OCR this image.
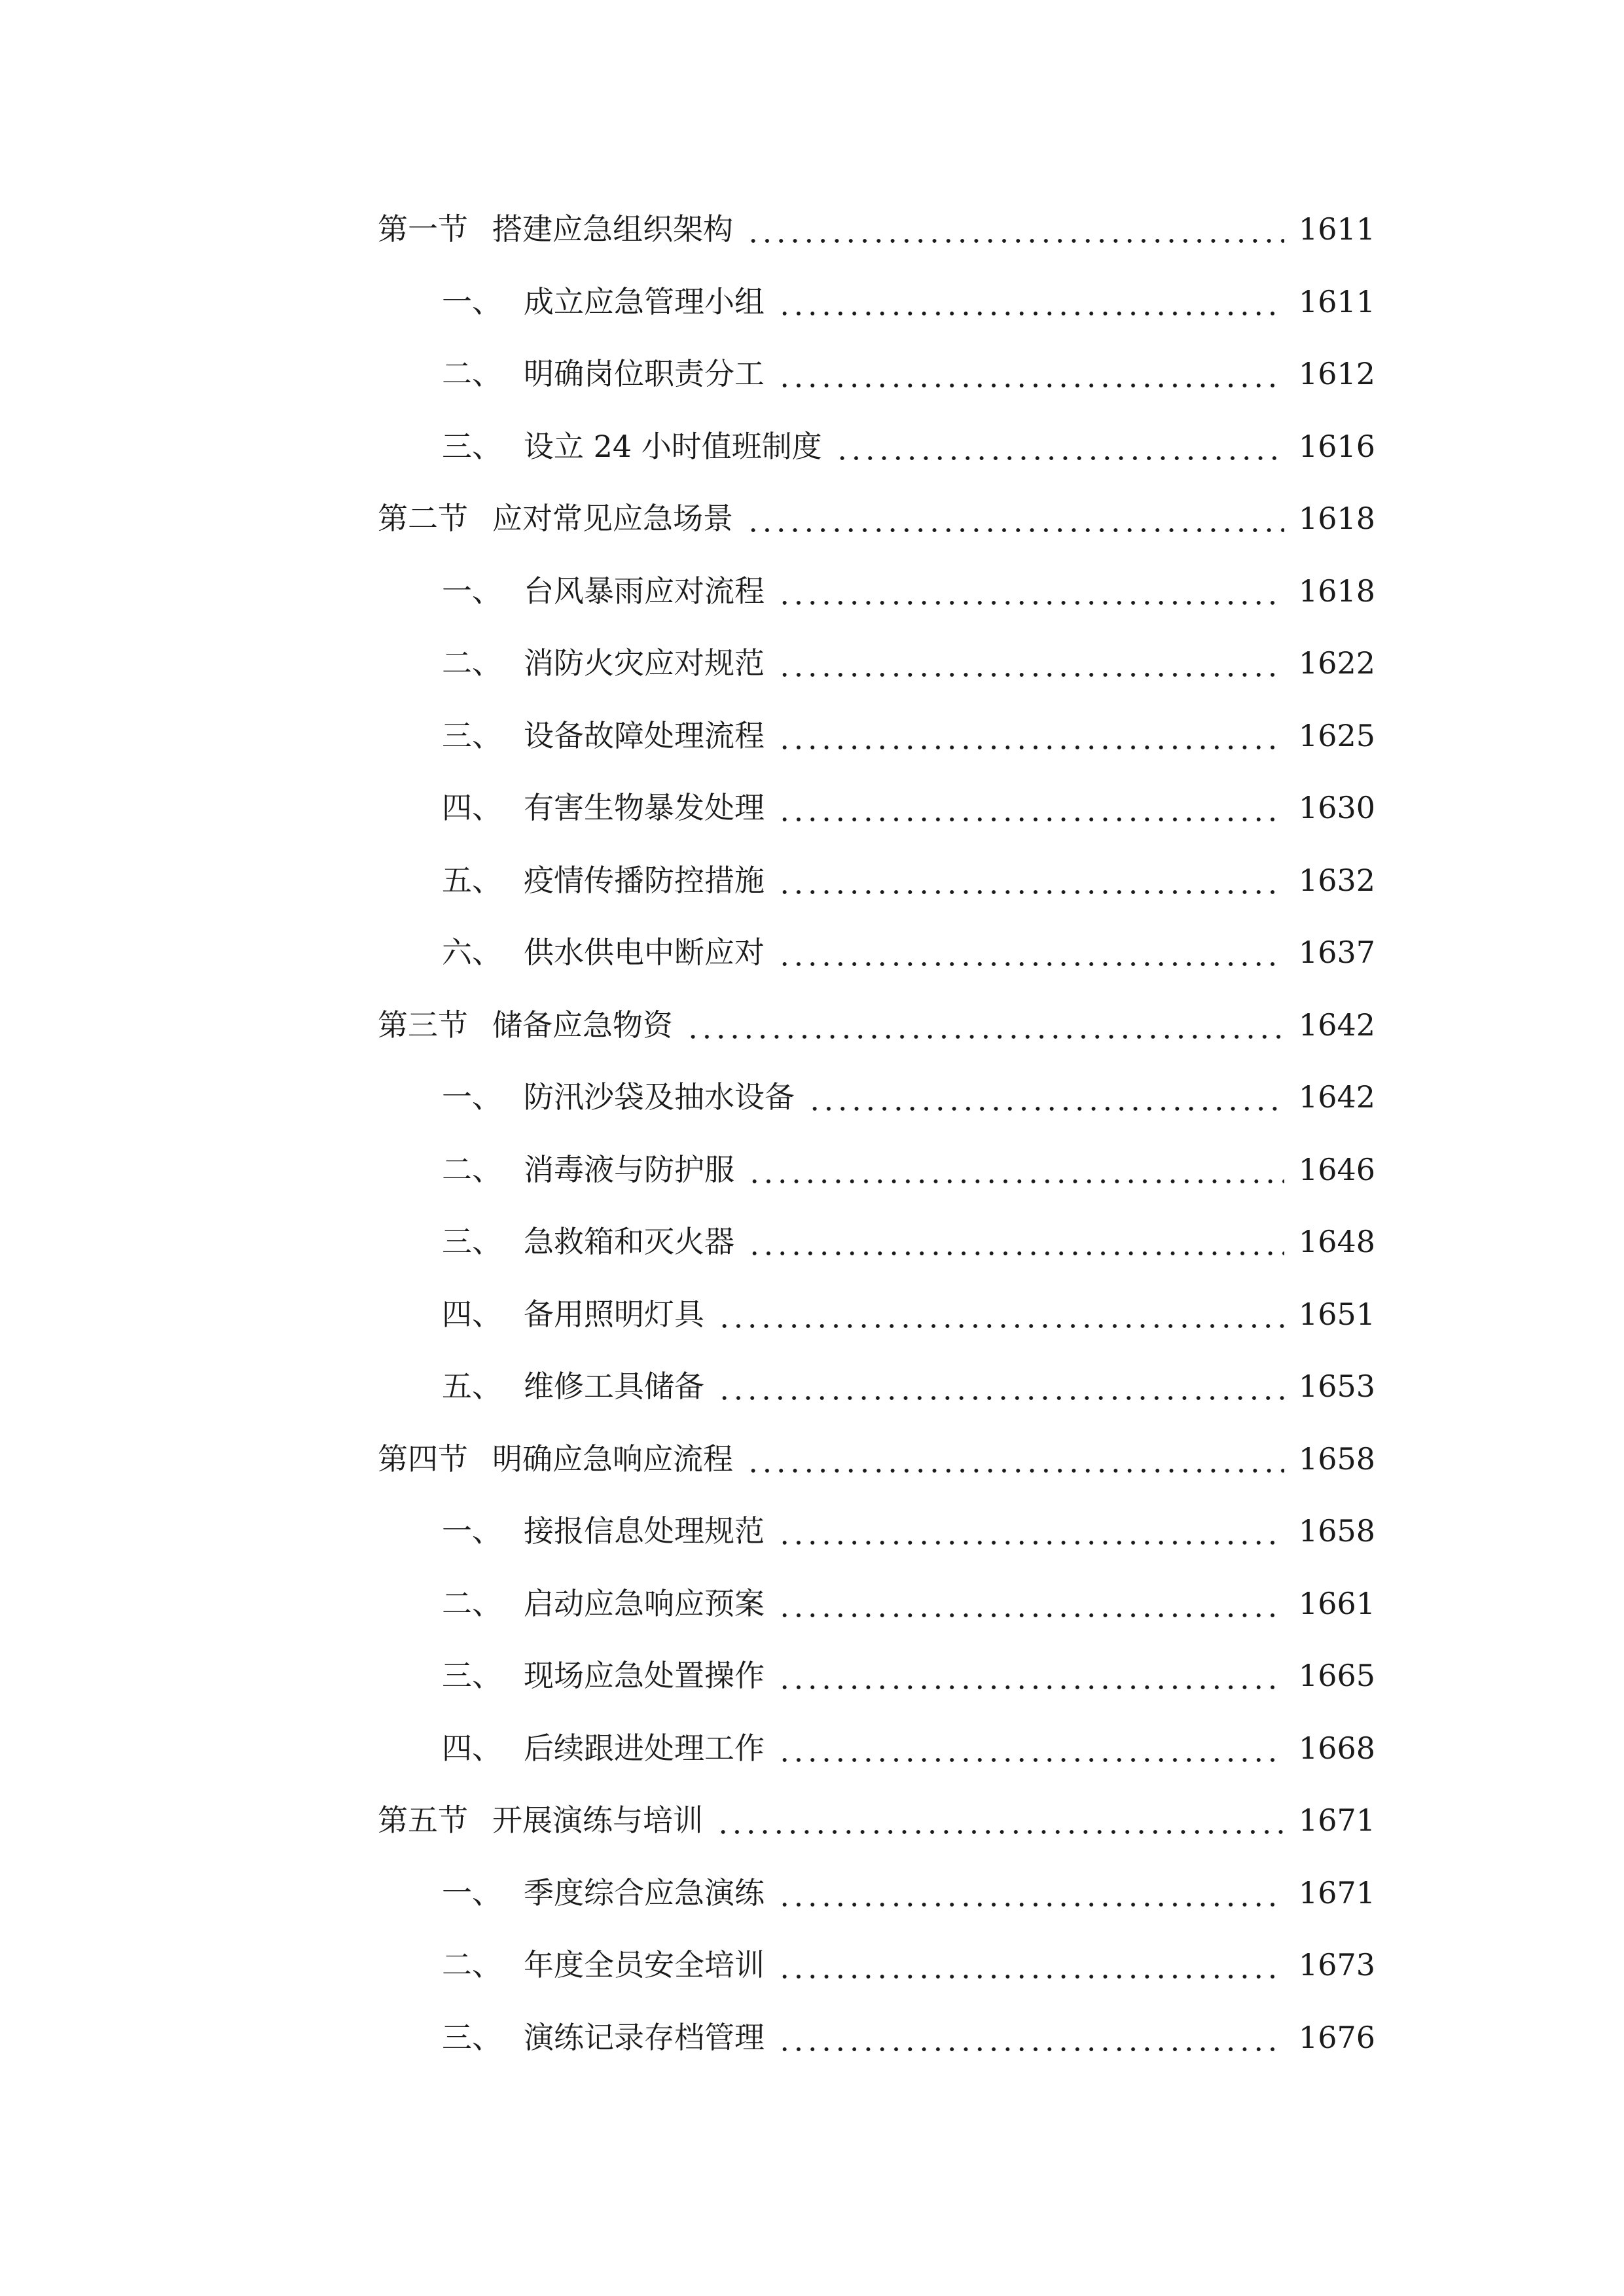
第一节 搭建应急组织架构	1611
一、 成立应急管理小组	1611
二、 明确岗位职责分工	1612
三、 设立 24 小时值班制度	1616
第二节 应对常见应急场景	1618
一、 台风暴雨应对流程	1618
二、 消防火灾应对规范	1622
三、 设备故障处理流程	1625
四、 有害生物暴发处理	1630
五、 疫情传播防控措施	1632
六、 供水供电中断应对	1637
第三节 储备应急物资	1642
一、 防汛沙袋及抽水设备	1642
二、 消毒液与防护服	1646
三、 急救箱和灭火器	1648
四、 备用照明灯具	1651
五、 维修工具储备	1653
第四节 明确应急响应流程	1658
一、 接报信息处理规范	1658
二、 启动应急响应预案	1661
三、 现场应急处置操作	1665
四、 后续跟进处理工作	1668
第五节 开展演练与培训	1671
一、 季度综合应急演练	1671
二、 年度全员安全培训	1673
三、 演练记录存档管理	1676
